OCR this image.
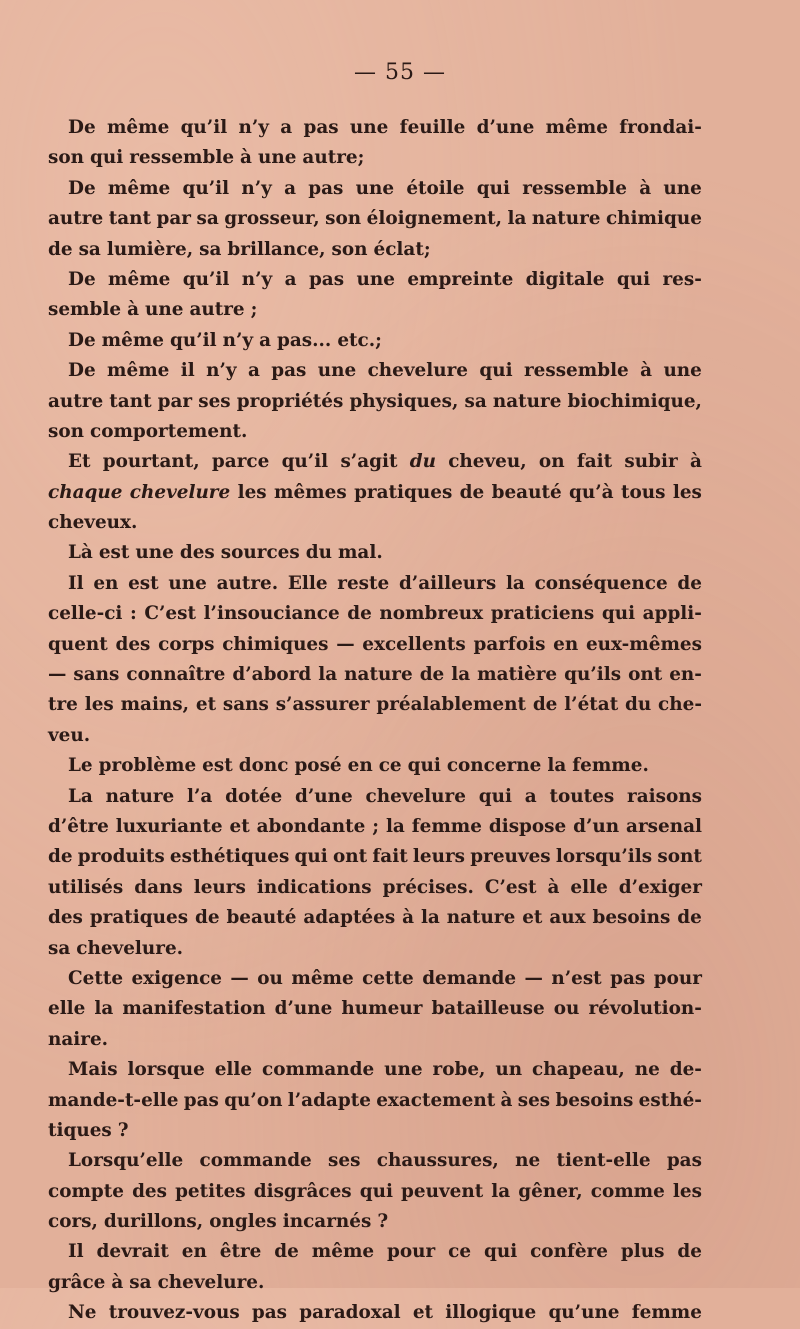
— 55 —
De même qu’il n’y a pas une feuille d’une même frondai-
son qui ressemble à une autre;
De même qu’il n’y a pas une étoile qui ressemble à une
autre tant par sa grosseur, son éloignement, la nature chimique
de sa lumière, sa brillance, son éclat;
De même qu’il n’y a pas une empreinte digitale qui res-
semble à une autre ;
De même qu’il n’y a pas... etc.;
De même il n’y a pas une chevelure qui ressemble à une
autre tant par ses propriétés physiques, sa nature biochimique,
son comportement.
Et pourtant, parce qu’il s’agit du cheveu, on fait subir à
chaque chevelure les mêmes pratiques de beauté qu’à tous les
cheveux.
Là est une des sources du mal.
Il en est une autre. Elle reste d’ailleurs la conséquence de
celle-ci : C’est l’insouciance de nombreux praticiens qui appli-
quent des corps chimiques — excellents parfois en eux-mêmes
— sans connaître d’abord la nature de la matière qu’ils ont en-
tre les mains, et sans s’assurer préalablement de l’état du che-
veu.
Le problème est donc posé en ce qui concerne la femme.
La nature l’a dotée d’une chevelure qui a toutes raisons
d’être luxuriante et abondante ; la femme dispose d’un arsenal
de produits esthétiques qui ont fait leurs preuves lorsqu’ils sont
utilisés dans leurs indications précises. C’est à elle d’exiger
des pratiques de beauté adaptées à la nature et aux besoins de
sa chevelure.
Cette exigence — ou même cette demande — n’est pas pour
elle la manifestation d’une humeur batailleuse ou révolution-
naire.
Mais lorsque elle commande une robe, un chapeau, ne de-
mande-t-elle pas qu’on l’adapte exactement à ses besoins esthé-
tiques ?
Lorsqu’elle commande ses chaussures, ne tient-elle pas
compte des petites disgrâces qui peuvent la gêner, comme les
cors, durillons, ongles incarnés ?
Il devrait en être de même pour ce qui confère plus de
grâce à sa chevelure.
Ne trouvez-vous pas paradoxal et illogique qu’une femme
